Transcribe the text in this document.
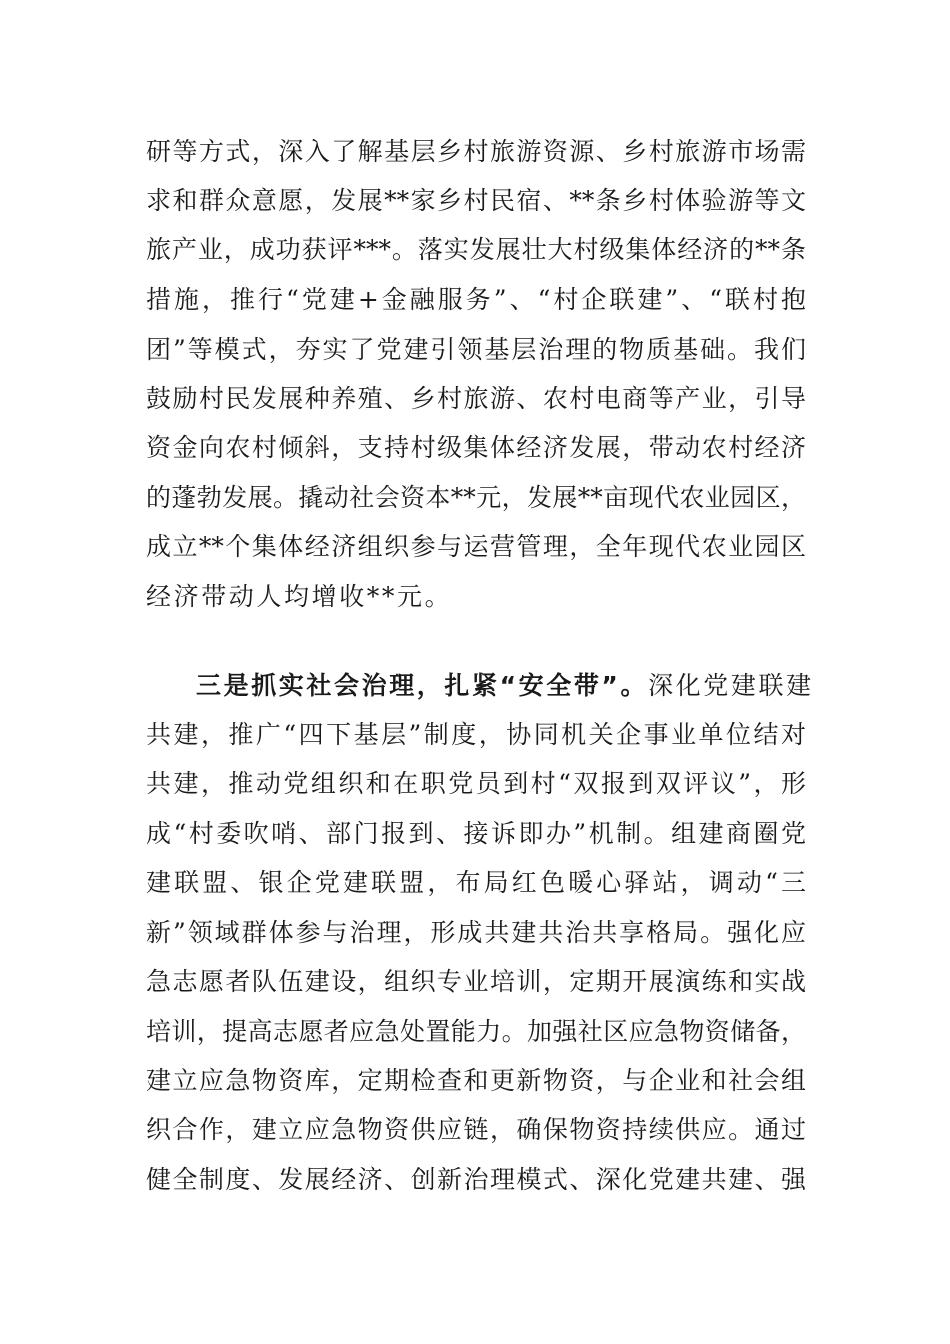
研等方式，深入了解基层乡村旅游资源、乡村旅游市场需
求和群众意愿，发展**家乡村民宿、**条乡村体验游等文
旅产业，成功获评***。落实发展壮大村级集体经济的**条
措施，推行“党建+金融服务”、“村企联建”、“联村抱
团”等模式，夯实了党建引领基层治理的物质基础。我们
鼓励村民发展种养殖、乡村旅游、农村电商等产业，引导
资金向农村倾斜，支持村级集体经济发展，带动农村经济
的蓬勃发展。撬动社会资本**元，发展**亩现代农业园区，
成立**个集体经济组织参与运营管理，全年现代农业园区
经济带动人均增收**元。
三是抓实社会治理，扎紧“安全带”。深化党建联建
共建，推广“四下基层”制度，协同机关企事业单位结对
共建，推动党组织和在职党员到村“双报到双评议”，形
成“村委吹哨、部门报到、接诉即办”机制。组建商圈党
建联盟、银企党建联盟，布局红色暖心驿站，调动“三
新”领域群体参与治理，形成共建共治共享格局。强化应
急志愿者队伍建设，组织专业培训，定期开展演练和实战
培训，提高志愿者应急处置能力。加强社区应急物资储备，
建立应急物资库，定期检查和更新物资，与企业和社会组
织合作，建立应急物资供应链，确保物资持续供应。通过
健全制度、发展经济、创新治理模式、深化党建共建、强
